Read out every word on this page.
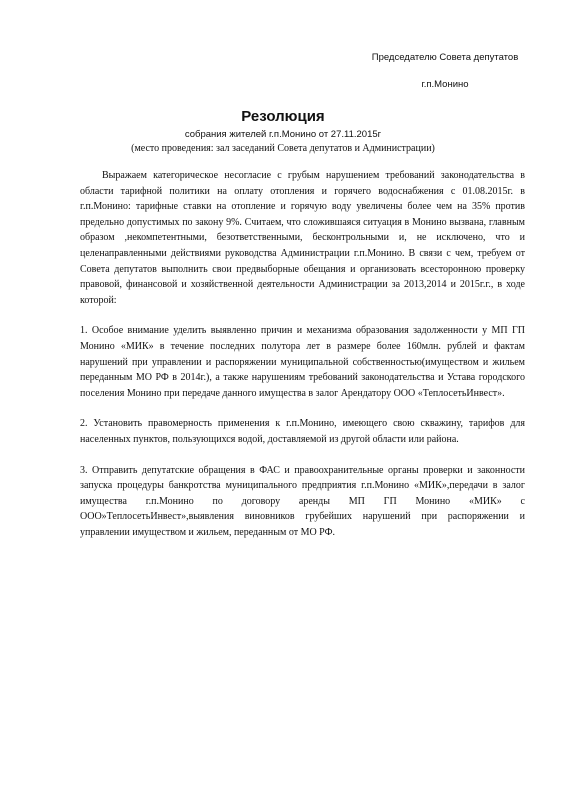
Председателю Совета депутатов
г.п.Монино
Резолюция
собрания жителей г.п.Монино от 27.11.2015г
(место проведения: зал заседаний Совета депутатов и Администрации)

Выражаем категорическое несогласие с грубым нарушением требований законодательства в области тарифной политики на оплату отопления и горячего водоснабжения с 01.08.2015г. в г.п.Монино: тарифные ставки на отопление и горячую воду увеличены более чем на 35% против предельно допустимых по закону 9%. Считаем, что сложившаяся ситуация в Монино вызвана, главным образом ,некомпетентными, безответственными, бесконтрольными и, не исключено, что и целенаправленными действиями руководства Администрации г.п.Монино. В связи с чем, требуем от Совета депутатов выполнить свои предвыборные обещания и организовать всесторонною проверку правовой, финансовой и хозяйственной деятельности Администрации за 2013,2014 и 2015г.г., в ходе которой:

1. Особое внимание уделить выявленно причин и механизма образования задолженности у МП ГП Монино «МИК» в течение последних полутора лет в размере более 160млн. рублей и фактам нарушений при управлении и распоряжении муниципальной собственностью(имуществом и жильем переданным МО РФ в 2014г.), а также нарушениям требований законодательства и Устава городского поселения Монино при передаче данного имущества в залог Арендатору ООО «ТеплосетьИнвест».

2. Установить правомерность применения к г.п.Монино, имеющего свою скважину, тарифов для населенных пунктов, пользующихся водой, доставляемой из другой области или района.

3. Отправить депутатские обращения в ФАС и правоохранительные органы проверки и законности запуска процедуры банкротства муниципального предприятия г.п.Монино «МИК»,передачи в залог имущества г.п.Монино по договору аренды МП ГП Монино «МИК» с ООО»ТеплосетьИнвест»,выявления виновников грубейших нарушений при распоряжении и управлении имуществом и жильем, переданным от МО РФ.
